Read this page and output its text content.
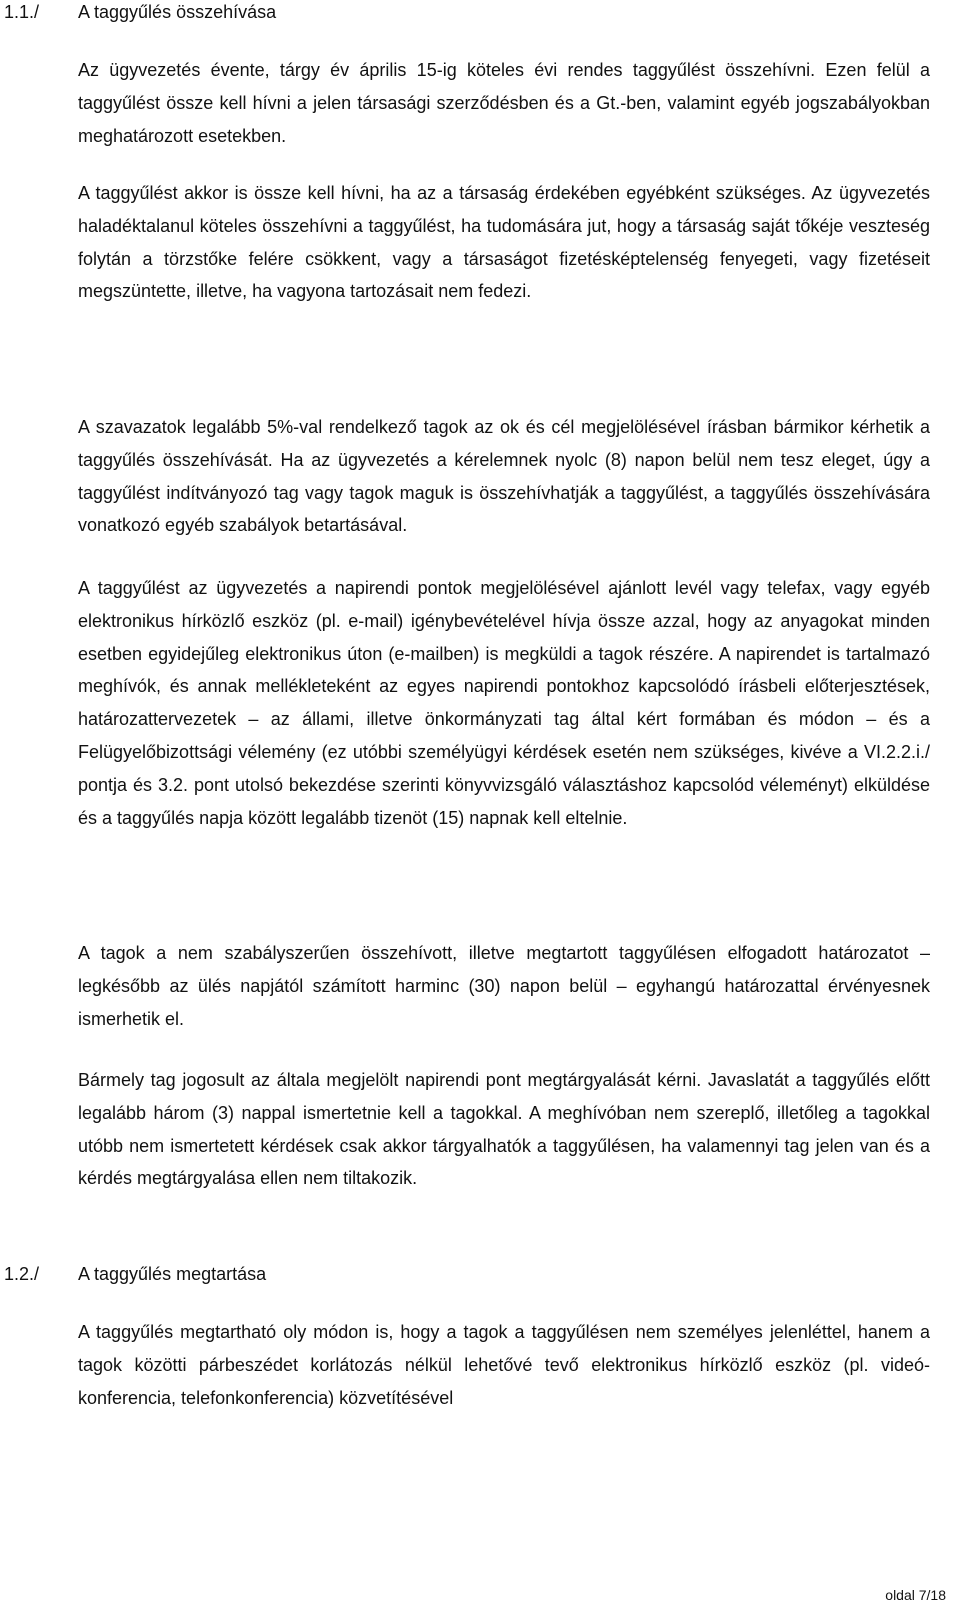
1.1./ A taggyűlés összehívása

Az ügyvezetés évente, tárgy év április 15-ig köteles évi rendes taggyűlést összehívni. Ezen felül a taggyűlést össze kell hívni a jelen társasági szerződésben és a Gt.-ben, valamint egyéb jogszabályokban meghatározott esetekben.

A taggyűlést akkor is össze kell hívni, ha az a társaság érdekében egyébként szükséges. Az ügyvezetés haladéktalanul köteles összehívni a taggyűlést, ha tudomására jut, hogy a társaság saját tőkéje veszteség folytán a törzstőke felére csökkent, vagy a társaságot fizetésképtelenség fenyegeti, vagy fizetéseit megszüntette, illetve, ha vagyona tartozásait nem fedezi.

A szavazatok legalább 5%-val rendelkező tagok az ok és cél megjelölésével írásban bármikor kérhetik a taggyűlés összehívását. Ha az ügyvezetés a kérelemnek nyolc (8) napon belül nem tesz eleget, úgy a taggyűlést indítványozó tag vagy tagok maguk is összehívhatják a taggyűlést, a taggyűlés összehívására vonatkozó egyéb szabályok betartásával.

A taggyűlést az ügyvezetés a napirendi pontok megjelölésével ajánlott levél vagy telefax, vagy egyéb elektronikus hírközlő eszköz (pl. e-mail) igénybevételével hívja össze azzal, hogy az anyagokat minden esetben egyidejűleg elektronikus úton (e-mailben) is megküldi a tagok részére. A napirendet is tartalmazó meghívók, és annak mellékleteként az egyes napirendi pontokhoz kapcsolódó írásbeli előterjesztések, határozattervezetek – az állami, illetve önkormányzati tag által kért formában és módon – és a Felügyelőbizottsági vélemény (ez utóbbi személyügyi kérdések esetén nem szükséges, kivéve a VI.2.2.i./ pontja és 3.2. pont utolsó bekezdése szerinti könyvvizsgáló választáshoz kapcsolód véleményt) elküldése és a taggyűlés napja között legalább tizenöt (15) napnak kell eltelnie.

A tagok a nem szabályszerűen összehívott, illetve megtartott taggyűlésen elfogadott határozatot – legkésőbb az ülés napjától számított harminc (30) napon belül – egyhangú határozattal érvényesnek ismerhetik el.

Bármely tag jogosult az általa megjelölt napirendi pont megtárgyalását kérni. Javaslatát a taggyűlés előtt legalább három (3) nappal ismertetnie kell a tagokkal. A meghívóban nem szereplő, illetőleg a tagokkal utóbb nem ismertetett kérdések csak akkor tárgyalhatók a taggyűlésen, ha valamennyi tag jelen van és a kérdés megtárgyalása ellen nem tiltakozik.

1.2./ A taggyűlés megtartása

A taggyűlés megtartható oly módon is, hogy a tagok a taggyűlésen nem személyes jelenléttel, hanem a tagok közötti párbeszédet korlátozás nélkül lehetővé tevő elektronikus hírközlő eszköz (pl. videó-konferencia, telefonkonferencia) közvetítésével

oldal 7/18
